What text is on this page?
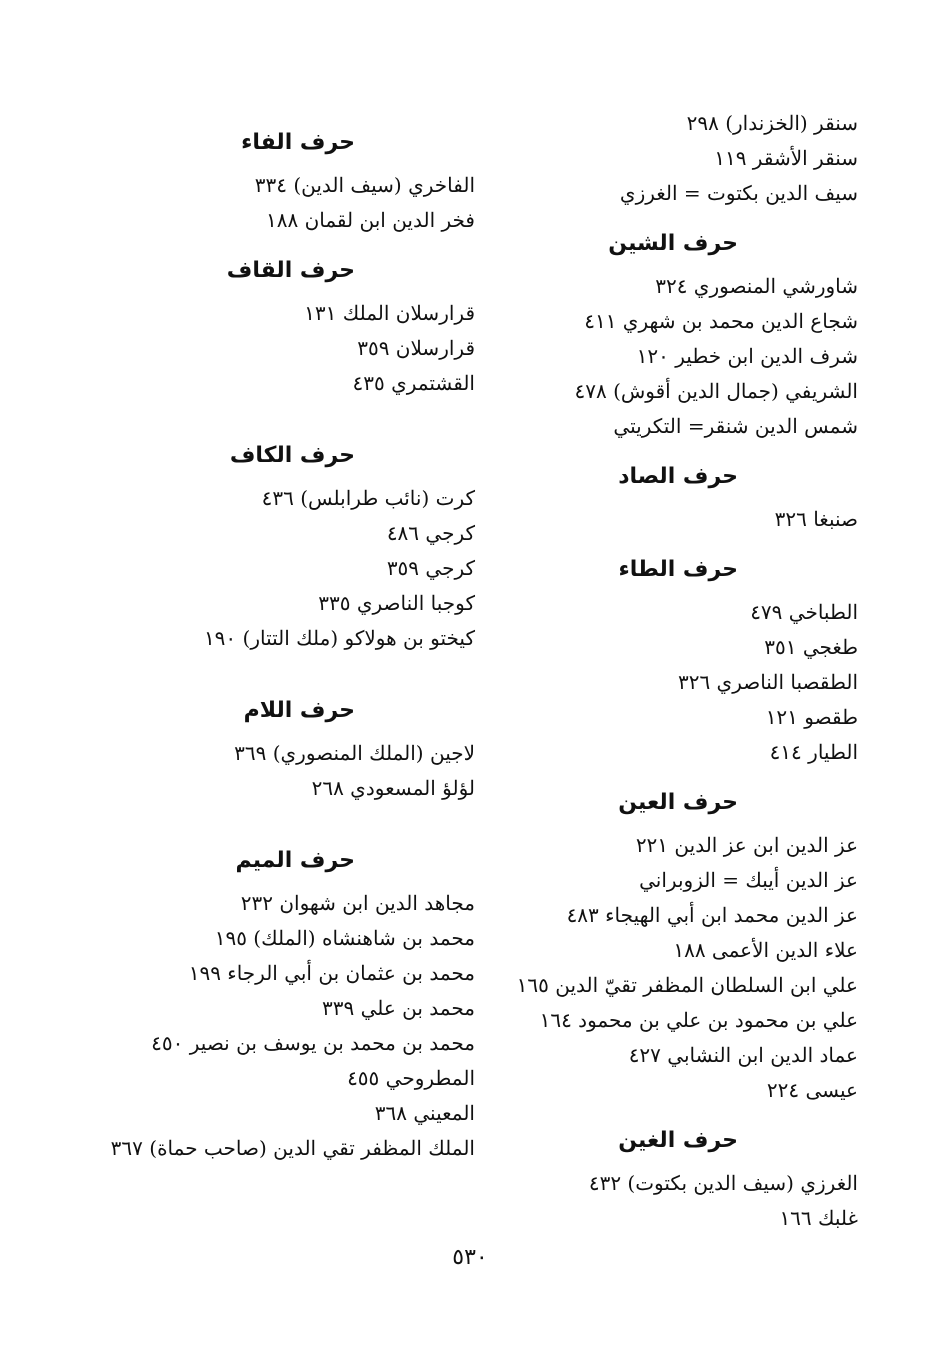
سنقر (الخزندار) ٢٩٨
سنقر الأشقر ١١٩
سيف الدين بكتوت = الغرزي
حرف الشين
شاورشي المنصوري ٣٢٤
شجاع الدين محمد بن شهري ٤١١
شرف الدين ابن خطير ١٢٠
الشريفي (جمال الدين أقوش) ٤٧٨
شمس الدين شنقر= التكريتي
حرف الصاد
صنبغا ٣٢٦
حرف الطاء
الطباخي ٤٧٩
طغجي ٣٥١
الطقصبا الناصري ٣٢٦
طقصو ١٢١
الطيار ٤١٤
حرف العين
عز الدين ابن عز الدين ٢٢١
عز الدين أيبك = الزوبراني
عز الدين محمد ابن أبي الهيجاء ٤٨٣
علاء الدين الأعمى ١٨٨
علي ابن السلطان المظفر تقيّ الدين ١٦٥
علي بن محمود بن علي بن محمود ١٦٤
عماد الدين ابن النشابي ٤٢٧
عيسى ٢٢٤
حرف الغين
الغرزي (سيف الدين بكتوت) ٤٣٢
غلبك ١٦٦
حرف الفاء
الفاخري (سيف الدين) ٣٣٤
فخر الدين ابن لقمان ١٨٨
حرف القاف
قرارسلان الملك ١٣١
قرارسلان ٣٥٩
القشتمري ٤٣٥
حرف الكاف
كرت (نائب طرابلس) ٤٣٦
كرجي ٤٨٦
كرجي ٣٥٩
كوجبا الناصري ٣٣٥
كيختو بن هولاكو (ملك التتار) ١٩٠
حرف اللام
لاجين (الملك المنصوري) ٣٦٩
لؤلؤ المسعودي ٢٦٨
حرف الميم
مجاهد الدين ابن شهوان ٢٣٢
محمد بن شاهنشاه (الملك) ١٩٥
محمد بن عثمان بن أبي الرجاء ١٩٩
محمد بن علي ٣٣٩
محمد بن محمد بن يوسف بن نصير ٤٥٠
المطروحي ٤٥٥
المعيني ٣٦٨
الملك المظفر تقي الدين (صاحب حماة) ٣٦٧
٥٣٠
